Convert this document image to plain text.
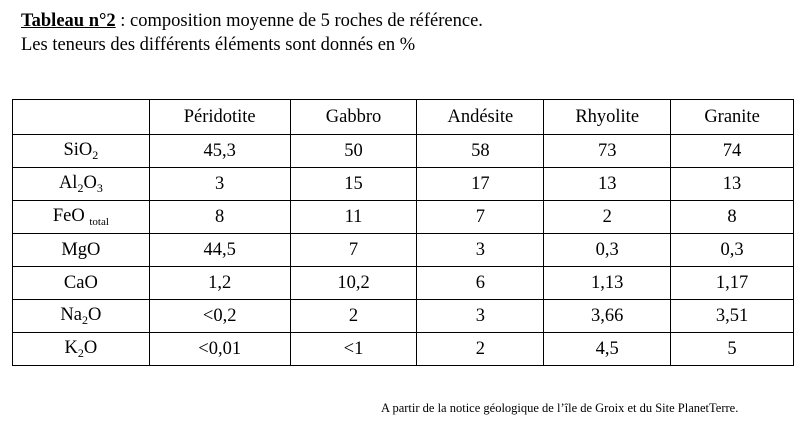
Tableau n°2 : composition moyenne de 5 roches de référence.
Les teneurs des différents éléments sont donnés en %
	Péridotite	Gabbro	Andésite	Rhyolite	Granite
SiO$_2$	45,3	50	58	73	74
$Al_2O_3$	3	15	17	13	13
FeO $_{total}$	8	11	7	2	8
MgO	44,5	7	3	0,3	0,3
CaO	1,2	10,2	6	1,13	1,17
$Na_2O$	<0,2	2	3	3,66	3,51
$K_2O$	<0,01	<1	2	4,5	5
A partir de la notice géologique de l’île de Groix et du Site PlanetTerre.
